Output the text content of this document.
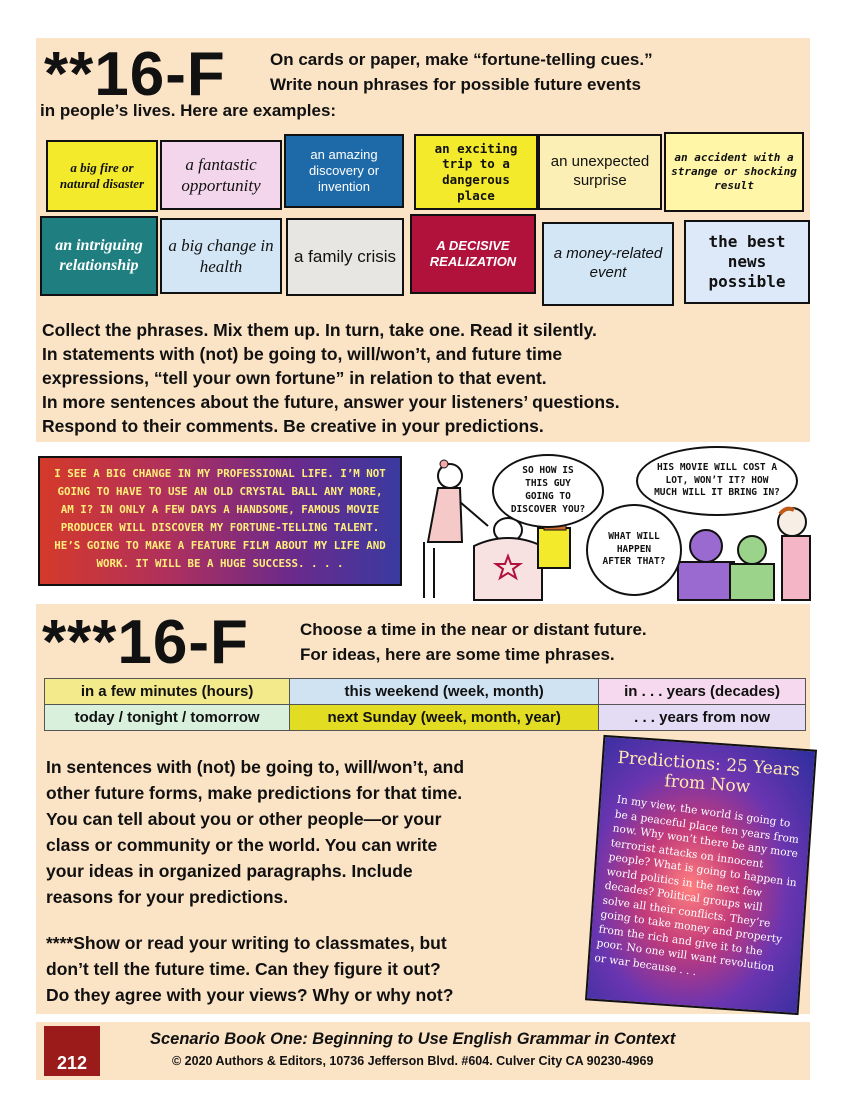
**16-F	On cards or paper, make “fortune-telling cues.”
Write noun phrases for possible future events
in people’s lives. Here are examples:
a big fire or natural disaster
a fantastic opportunity
an amazing discovery or invention
an exciting trip to a dangerous place
an unexpected surprise
an accident with a strange or shocking result
an intriguing relationship
a big change in health
a family crisis
A DECISIVE REALIZATION	a money-related event
the best news possible

Collect the phrases. Mix them up. In turn, take one. Read it silently.

In statements with (not) be going to, will/won’t, and future time

expressions, “tell your own fortune” in relation to that event.

In more sentences about the future, answer your listeners’ questions.

Respond to their comments. Be creative in your predictions.

I SEE A BIG CHANGE IN MY PROFESSIONAL LIFE. I’M NOT GOING TO HAVE TO USE AN OLD CRYSTAL BALL ANY MORE, AM I? IN ONLY A FEW DAYS A HANDSOME, FAMOUS MOVIE PRODUCER WILL DISCOVER MY FORTUNE-TELLING TALENT. HE’S GOING TO MAKE A FEATURE FILM ABOUT MY LIFE AND WORK. IT WILL BE A HUGE SUCCESS. . . .
SO HOW IS THIS GUY GOING TO DISCOVER YOU?
HIS MOVIE WILL COST A LOT, WON’T IT? HOW MUCH WILL IT BRING IN?
WHAT WILL HAPPEN AFTER THAT?
***16-F	Choose a time in the near or distant future.
For ideas, here are some time phrases.
in a few minutes (hours)	this weekend (week, month)	in . . . years (decades)
today / tonight / tomorrow	next Sunday (week, month, year)	. . . years from now

In sentences with (not) be going to, will/won’t, and

other future forms, make predictions for that time.

You can tell about you or other people—or your

class or community or the world. You can write

your ideas in organized paragraphs. Include

reasons for your predictions.

****Show or read your writing to classmates, but

don’t tell the future time. Can they figure it out?

Do they agree with your views? Why or why not?

Predictions: 25 Years from Now
In my view, the world is going to be a peaceful place ten years from now. Why won’t there be any more terrorist attacks on innocent people? What is going to happen in world politics in the next few decades? Political groups will solve all their conflicts. They’re going to take money and property from the rich and give it to the poor. No one will want revolution or war because . . .
212
Scenario Book One: Beginning to Use English Grammar in Context
© 2020 Authors & Editors, 10736 Jefferson Blvd. #604. Culver City CA 90230-4969
